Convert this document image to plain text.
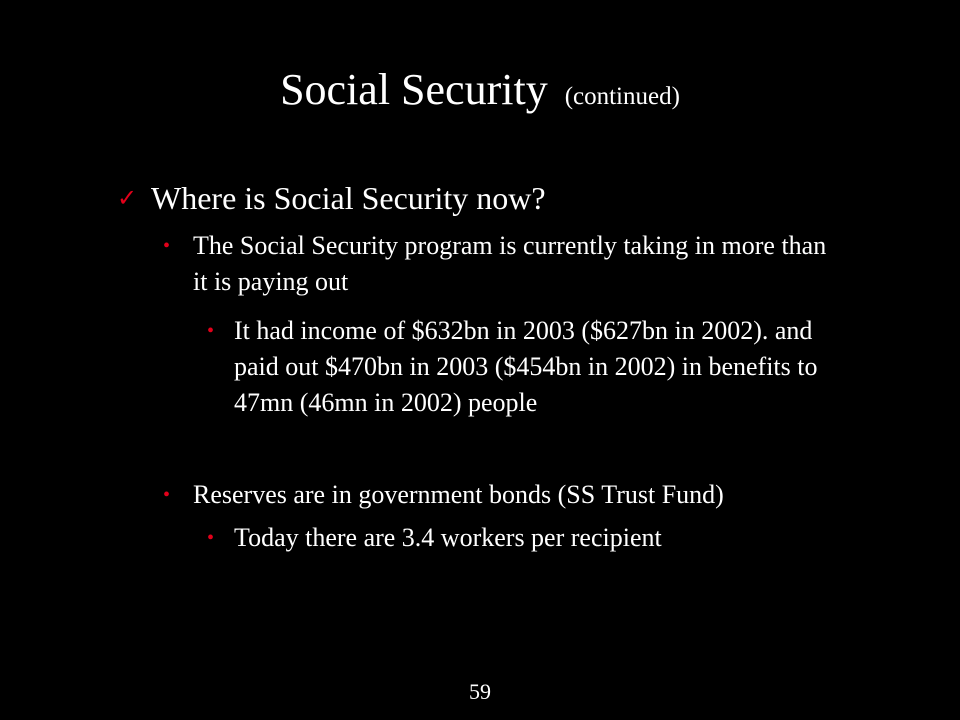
Social Security (continued)
✓ Where is Social Security now?
• The Social Security program is currently taking in more than it is paying out
• It had income of $632bn in 2003 ($627bn in 2002). and paid out $470bn in 2003 ($454bn in 2002) in benefits to 47mn (46mn in 2002) people
• Reserves are in government bonds (SS Trust Fund)
• Today there are 3.4 workers per recipient
59
